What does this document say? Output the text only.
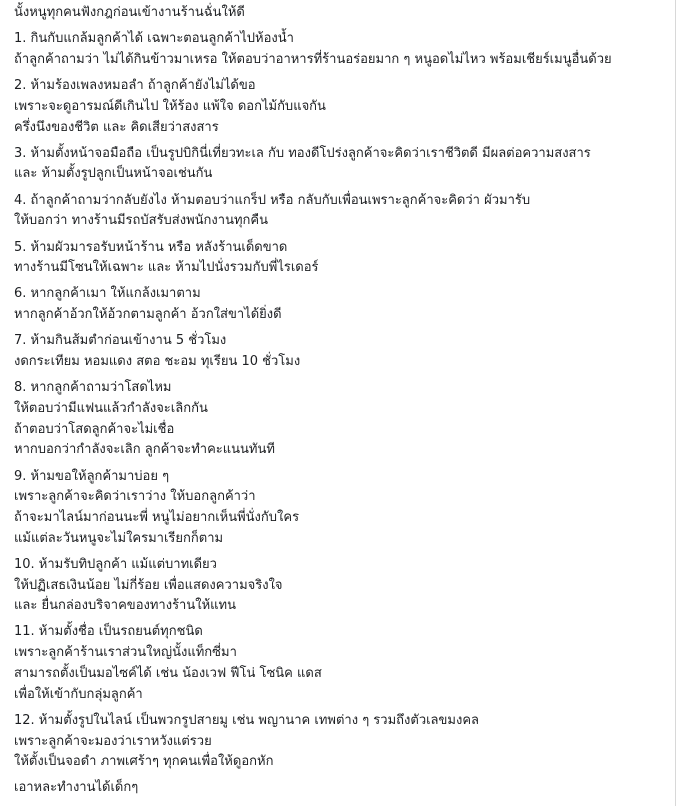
นั้งหนูทุกคนฟังกฎก่อนเข้างานร้านฉั่นให้ดี
1. กินกับแกล้มลูกค้าได้ เฉพาะตอนลูกค้าไปห้องน้ำ
ถ้าลูกค้าถามว่า ไม่ได้กินข้าวมาเหรอ ให้ตอบว่าอาหารที่ร้านอร่อยมาก ๆ หนูอดไม่ไหว พร้อมเชียร์เมนูอื่นด้วย
2. ห้ามร้องเพลงหมอลำ ถ้าลูกค้ายังไม่ได้ขอ
เพราะจะดูอารมณ์ดีเกินไป ให้ร้อง แพ้ใจ ดอกไม้กับแจกัน
ครึ่งนึงของชีวิต และ คิดเสียว่าสงสาร
3. ห้ามตั้งหน้าจอมือถือ เป็นรูปบิกินี่เที่ยวทะเล กับ ทองดีโปร่งลูกค้าจะคิดว่าเราชีวิตดี มีผลต่อความสงสาร
และ ห้ามตั้งรูปลูกเป็นหน้าจอเช่นกัน
4. ถ้าลูกค้าถามว่ากลับยังไง ห้ามตอบว่าแกร็ป หรือ กลับกับเพื่อนเพราะลูกค้าจะคิดว่า ผัวมารับ
ให้บอกว่า ทางร้านมีรถบัสรับส่งพนักงานทุกคืน
5. ห้ามผัวมารอรับหน้าร้าน หรือ หลังร้านเด็ดขาด
ทางร้านมีโซนให้เฉพาะ และ ห้ามไปนั่งรวมกับพี่ไรเดอร์
6. หากลูกค้าเมา ให้แกล้งเมาตาม
หากลูกค้าอ้วกให้อ้วกตามลูกค้า อ้วกใส่ขาได้ยิ่งดี
7. ห้ามกินส้มตำก่อนเข้างาน 5 ชั่วโมง
งดกระเทียม หอมแดง สตอ ชะอม ทุเรียน 10 ชั่วโมง
8. หากลูกค้าถามว่าโสดไหม
ให้ตอบว่ามีแฟนแล้วกำลังจะเลิกกัน
ถ้าตอบว่าโสดลูกค้าจะไม่เชื่อ
หากบอกว่ากำลังจะเลิก ลูกค้าจะทำคะแนนทันที
9. ห้ามขอให้ลูกค้ามาบ่อย ๆ
เพราะลูกค้าจะคิดว่าเราว่าง ให้บอกลูกค้าว่า
ถ้าจะมาไลน์มาก่อนนะพี่ หนูไม่อยากเห็นพี่นั่งกับใคร
แม้แต่ละวันหนูจะไม่ใครมาเรียกก็ตาม
10. ห้ามรับทิปลูกค้า แม้แต่บาทเดียว
ให้ปฏิเสธเงินน้อย ไม่กี่ร้อย เพื่อแสดงความจริงใจ
และ ยื่นกล่องบริจาคของทางร้านให้แทน
11. ห้ามตั้งชื่อ เป็นรถยนต์ทุกชนิด
เพราะลูกค้าร้านเราส่วนใหญ่นั้งแท็กซี่มา
สามารถตั้งเป็นมอไซค์ได้ เช่น น้องเวฟ ฟีโน่ โซนิค แดส
เพื่อให้เข้ากับกลุ่มลูกค้า
12. ห้ามตั้งรูปในไลน์ เป็นพวกรูปสายมู เช่น พญานาค เทพต่าง ๆ รวมถึงตัวเลขมงคล
เพราะลูกค้าจะมองว่าเราหวังแต่รวย
ให้ตั้งเป็นจอดำ ภาพเศร้าๆ ทุกคนเพื่อให้ดูอกหัก
เอาหละทำงานได้เด็กๆ
